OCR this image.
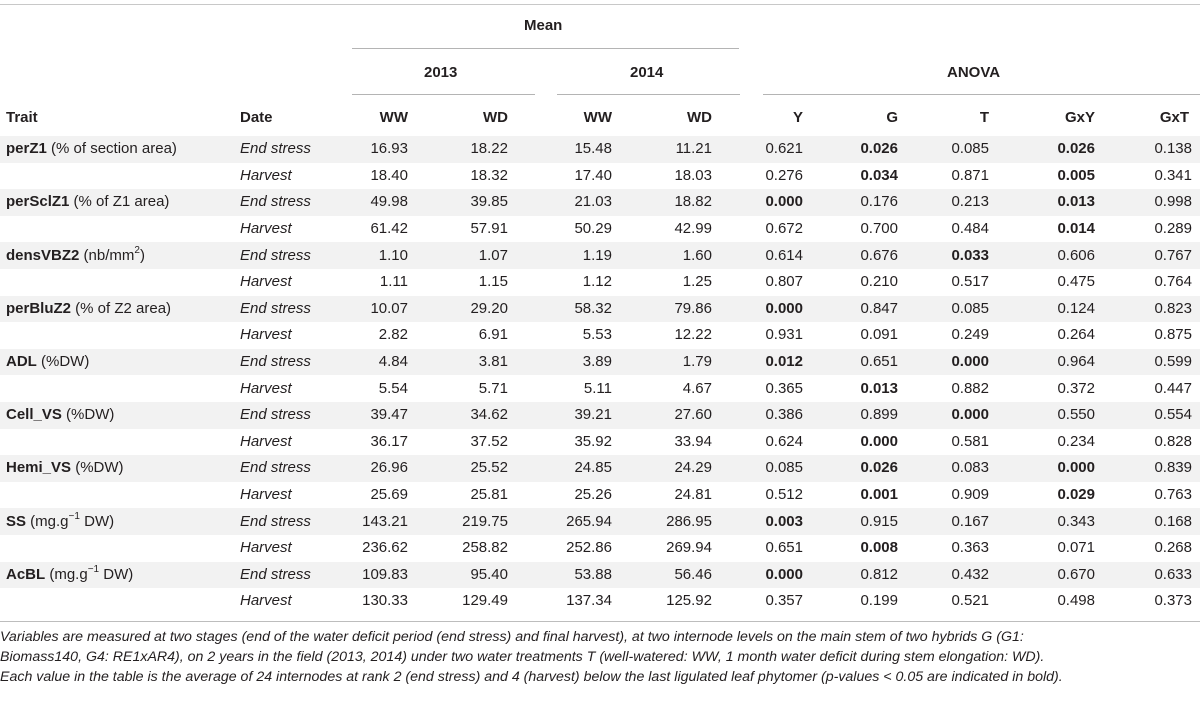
Mean
2013	2014	ANOVA
Trait	Date	WW	WD	WW	WD	Y	G	T	GxY	GxT
perZ1 (% of section area)	End stress	16.93	18.22	15.48	11.21	0.621	0.026	0.085	0.026	0.138
	Harvest	18.40	18.32	17.40	18.03	0.276	0.034	0.871	0.005	0.341
perSclZ1 (% of Z1 area)	End stress	49.98	39.85	21.03	18.82	0.000	0.176	0.213	0.013	0.998
	Harvest	61.42	57.91	50.29	42.99	0.672	0.700	0.484	0.014	0.289
densVBZ2 $(nb/mm^2)$	End stress	1.10	1.07	1.19	1.60	0.614	0.676	0.033	0.606	0.767
	Harvest	1.11	1.15	1.12	1.25	0.807	0.210	0.517	0.475	0.764
perBluZ2 (% of Z2 area)	End stress	10.07	29.20	58.32	79.86	0.000	0.847	0.085	0.124	0.823
	Harvest	2.82	6.91	5.53	12.22	0.931	0.091	0.249	0.264	0.875
ADL (%DW)	End stress	4.84	3.81	3.89	1.79	0.012	0.651	0.000	0.964	0.599
	Harvest	5.54	5.71	5.11	4.67	0.365	0.013	0.882	0.372	0.447
Cell_VS (%DW)	End stress	39.47	34.62	39.21	27.60	0.386	0.899	0.000	0.550	0.554
	Harvest	36.17	37.52	35.92	33.94	0.624	0.000	0.581	0.234	0.828
Hemi_VS (%DW)	End stress	26.96	25.52	24.85	24.29	0.085	0.026	0.083	0.000	0.839
	Harvest	25.69	25.81	25.26	24.81	0.512	0.001	0.909	0.029	0.763
SS ($mg.g^{-1}$ DW)	End stress	143.21	219.75	265.94	286.95	0.003	0.915	0.167	0.343	0.168
	Harvest	236.62	258.82	252.86	269.94	0.651	0.008	0.363	0.071	0.268
AcBL ($mg.g^{-1}$ DW)	End stress	109.83	95.40	53.88	56.46	0.000	0.812	0.432	0.670	0.633
	Harvest	130.33	129.49	137.34	125.92	0.357	0.199	0.521	0.498	0.373
Variables are measured at two stages (end of the water deficit period (end stress) and final harvest), at two internode levels on the main stem of two hybrids G (G1:
Biomass140, G4: RE1xAR4), on 2 years in the field (2013, 2014) under two water treatments T (well-watered: WW, 1 month water deficit during stem elongation: WD).
Each value in the table is the average of 24 internodes at rank 2 (end stress) and 4 (harvest) below the last ligulated leaf phytomer (p-values < 0.05 are indicated in bold).
